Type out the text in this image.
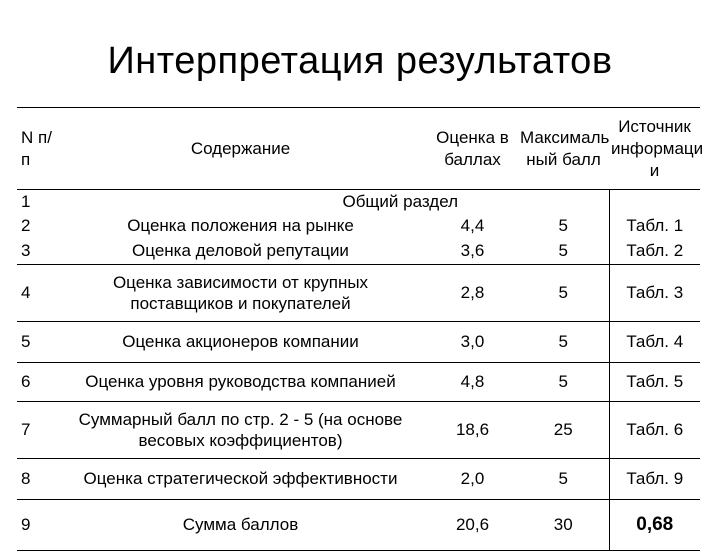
Интерпретация результатов
N п/п	Содержание	Оценка в баллах	Максималь ный балл	Источник информаци и
1	Общий раздел			
2	Оценка положения на рынке	4,4	5	Табл. 1
3	Оценка деловой репутации	3,6	5	Табл. 2
4	Оценка зависимости от крупных поставщиков и покупателей	2,8	5	Табл. 3
5	Оценка акционеров компании	3,0	5	Табл. 4
6	Оценка уровня руководства компанией	4,8	5	Табл. 5
7	Суммарный балл по стр. 2 - 5 (на основе весовых коэффициентов)	18,6	25	Табл. 6
8	Оценка стратегической эффективности	2,0	5	Табл. 9
9	Сумма баллов	20,6	30	0,68
